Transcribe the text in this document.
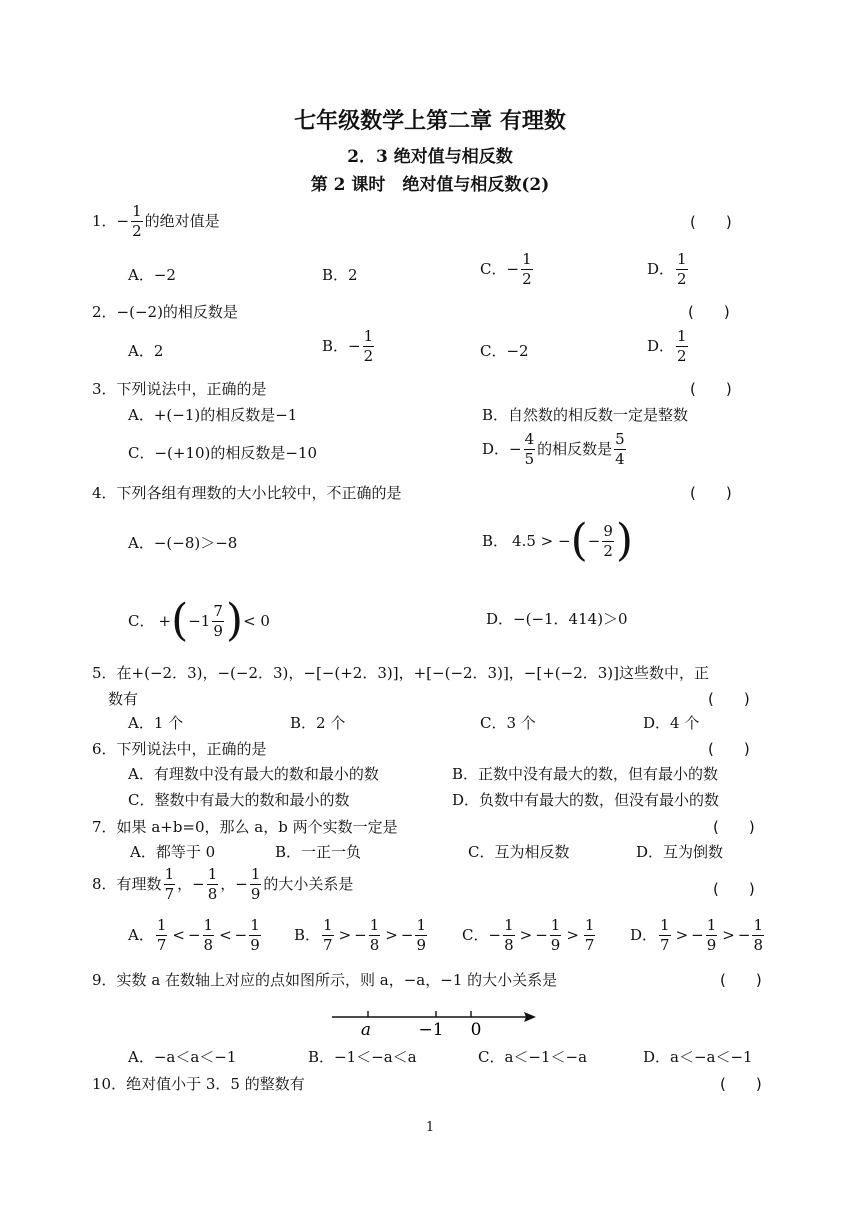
七年级数学上第二章 有理数
2．3 绝对值与相反数
第 2 课时　绝对值与相反数(2)
1． − $\frac{1}{2}$ 的绝对值是	(　　)
A．−2	B．2	C． − $\frac{1}{2}$	D． $\frac{1}{2}$
2．−(−2)的相反数是	(　　)
A．2	B． − $\frac{1}{2}$	C．−2	D． $\frac{1}{2}$
3．下列说法中，正确的是	(　　)
A．+(−1)的相反数是−1	B．自然数的相反数一定是整数
C．−(+10)的相反数是−10	D． − $\frac{4}{5}$ 的相反数是 $\frac{5}{4}$
4．下列各组有理数的大小比较中，不正确的是	(　　)
A．−(−8)＞−8	B． 4.5 > − ( − $\frac{9}{2}$ )
C． + ( $-1 \frac{7}{9}$ ) < 0	D．−(−1．414)＞0
5．在+(−2．3)，−(−2．3)，−[−(+2．3)]，+[−(−2．3)]，−[+(−2．3)]这些数中，正
数有	(　　)
A．1 个	B．2 个	C．3 个	D．4 个
6．下列说法中，正确的是	(　　)
A．有理数中没有最大的数和最小的数	B．正数中没有最大的数，但有最小的数
C．整数中有最大的数和最小的数	D．负数中有最大的数，但没有最小的数
7．如果 a+b=0，那么 a，b 两个实数一定是	(　　)
A．都等于 0	B．一正一负	C．互为相反数	D．互为倒数
8． 有理数 $\frac{1}{7}$ ， − $\frac{1}{8}$ ， − $\frac{1}{9}$ 的大小关系是	(　　)
A． $\frac{1}{7}$ < − $\frac{1}{8}$ < − $\frac{1}{9}$ B． $\frac{1}{7}$ > − $\frac{1}{8}$ > − $\frac{1}{9}$ C． − $\frac{1}{8}$ > − $\frac{1}{9} > \frac{1}{7}$ D． $\frac{1}{7}$ > − $\frac{1}{9}$ > − $\frac{1}{8}$
9．实数 a 在数轴上对应的点如图所示，则 a，−a，−1 的大小关系是	(　　)
a	−1 0
A．−a＜a＜−1	B．−1＜−a＜a	C．a＜−1＜−a	D．a＜−a＜−1
10．绝对值小于 3．5 的整数有	(　　)
1
